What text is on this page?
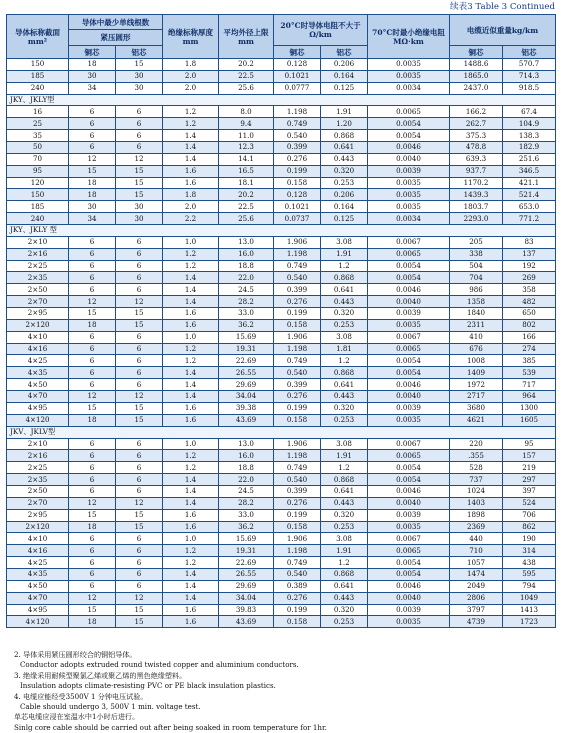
续表3 Table 3 Continued
导体标称截面mm²	导体中最少单线根数		绝缘标称厚度mm	平均外径上限mm	20°C时导体电阻不大于Ω/km		70°C时最小绝缘电阻MΩ·km	电缆近似重量kg/km	
	紧压圆形								
	铜芯	铝芯			铜芯	铝芯		铜芯	铝芯
150	18	15	1.8	20.2	0.128	0.206	0.0035	1488.6	570.7
185	30	30	2.0	22.5	0.1021	0.164	0.0035	1865.0	714.3
240	34	30	2.0	25.6	0.0777	0.125	0.0034	2437.0	918.5
JKY、JKLY型									
16	6	6	1.2	8.0	1.198	1.91	0.0065	166.2	67.4
25	6	6	1.2	9.4	0.749	1.20	0.0054	262.7	104.9
35	6	6	1.4	11.0	0.540	0.868	0.0054	375.3	138.3
50	6	6	1.4	12.3	0.399	0.641	0.0046	478.8	182.9
70	12	12	1.4	14.1	0.276	0.443	0.0040	639.3	251.6
95	15	15	1.6	16.5	0.199	0.320	0.0039	937.7	346.5
120	18	15	1.6	18.1	0.158	0.253	0.0035	1170.2	421.1
150	18	15	1.8	20.2	0.128	0.206	0.0035	1439.3	521.4
185	30	30	2.0	22.5	0.1021	0.164	0.0035	1803.7	653.0
240	34	30	2.2	25.6	0.0737	0.125	0.0034	2293.0	771.2
JKY、JKLY 型									
2×10	6	6	1.0	13.0	1.906	3.08	0.0067	205	83
2×16	6	6	1.2	16.0	1.198	1.91	0.0065	338	137
2×25	6	6	1.2	18.8	0.749	1.2	0.0054	504	192
2×35	6	6	1.4	22.0	0.540	0.868	0.0054	704	269
2×50	6	6	1.4	24.5	0.399	0.641	0.0046	986	358
2×70	12	12	1.4	28.2	0.276	0.443	0.0040	1358	482
2×95	15	15	1.6	33.0	0.199	0.320	0.0039	1840	650
2×120	18	15	1.6	36.2	0.158	0.253	0.0035	2311	802
4×10	6	6	1.0	15.69	1.906	3.08	0.0067	410	166
4×16	6	6	1.2	19.31	1.198	1.81	0.0065	676	274
4×25	6	6	1.2	22.69	0.749	1.2	0.0054	1008	385
4×35	6	6	1.4	26.55	0.540	0.868	0.0054	1409	539
4×50	6	6	1.4	29.69	0.399	0.641	0.0046	1972	717
4×70	12	12	1.4	34.04	0.276	0.443	0.0040	2717	964
4×95	15	15	1.6	39.38	0.199	0.320	0.0039	3680	1300
4×120	18	15	1.6	43.69	0.158	0.253	0.0035	4621	1605
JKV、JKLV型									
2×10	6	6	1.0	13.0	1.906	3.08	0.0067	220	95
2×16	6	6	1.2	16.0	1.198	1.91	0.0065	.355	157
2×25	6	6	1.2	18.8	0.749	1.2	0.0054	528	219
2×35	6	6	1.4	22.0	0.540	0.868	0.0054	737	297
2×50	6	6	1.4	24.5	0.399	0.641	0.0046	1024	397
2×70	12	12	1.4	28.2	0.276	0.443	0.0040	1403	524
2×95	15	15	1.6	33.0	0.199	0.320	0.0039	1898	706
2×120	18	15	1.6	36.2	0.158	0.253	0.0035	2369	862
4×10	6	6	1.0	15.69	1.906	3.08	0.0067	440	190
4×16	6	6	1.2	19.31	1.198	1.91	0.0065	710	314
4×25	6	6	1.2	22.69	0.749	1.2	0.0054	1057	438
4×35	6	6	1.4	26.55	0.540	0.868	0.0054	1474	595
4×50	6	6	1.4	29.69	0.389	0.641	0.0046	2049	794
4×70	12	12	1.4	34.04	0.276	0.443	0.0040	2806	1049
4×95	15	15	1.6	39.83	0.199	0.320	0.0039	3797	1413
4×120	18	15	1.6	43.69	0.158	0.253	0.0035	4739	1723
2. 导体采用紧压圆形绞合的铜铝导体。
Conductor adopts extruded round twisted copper and aluminium conductors.
3. 绝缘采用耐候型聚氯乙烯或聚乙烯的黑色绝缘塑料。
Insulation adopts climate-resisting PVC or PE black insulation plastics.
4. 电缆应能经受3500V 1 分钟电压试验。
Cable should undergo 3, 500V 1 min. voltage test.
单芯电缆应浸在室温水中1小时后进行。
Sinlg core cable should be carried out after being soaked in room temperature for 1hr.
